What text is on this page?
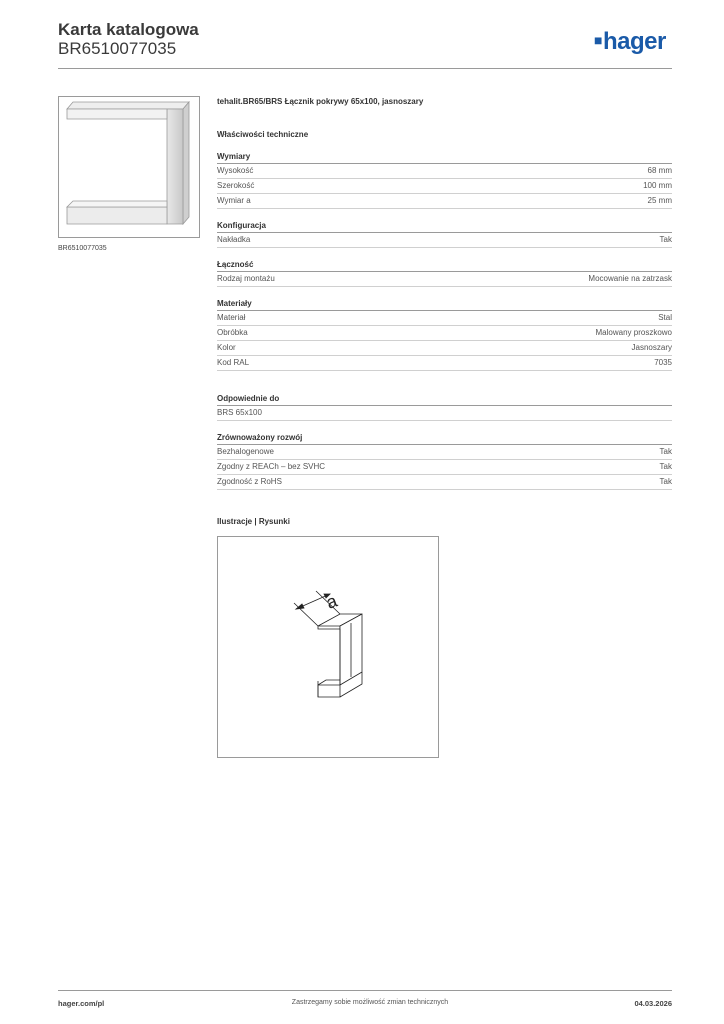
Karta katalogowa
BR6510077035	■hager
BR6510077035
tehalit.BR65/BRS Łącznik pokrywy 65x100, jasnoszary
Właściwości techniczne
Wymiary
Wysokość	68 mm
Szerokość	100 mm
Wymiar a	25 mm
Konfiguracja
Nakładka	Tak
Łączność
Rodzaj montażu	Mocowanie na zatrzask
Materiały
Materiał	Stal
Obróbka	Malowany proszkowo
Kolor	Jasnoszary
Kod RAL	7035
Odpowiednie do
BRS 65x100
Zrównoważony rozwój
Bezhalogenowe	Tak
Zgodny z REACh – bez SVHC	Tak
Zgodność z RoHS	Tak
Ilustracje | Rysunki
a
hager.com/pl	Zastrzegamy sobie możliwość zmian technicznych	04.03.2026
